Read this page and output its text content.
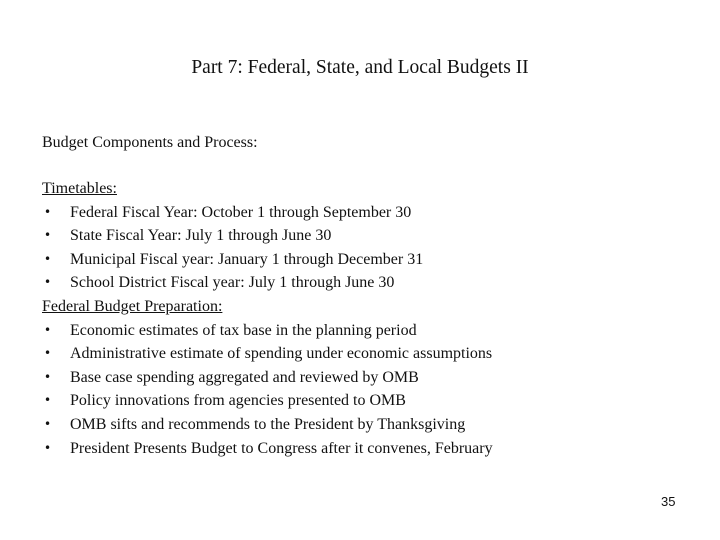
Part 7: Federal, State, and Local Budgets II
Budget Components and Process:
Timetables:
• Federal Fiscal Year: October 1 through September 30
• State Fiscal Year: July 1 through June 30
• Municipal Fiscal year: January 1 through December 31
• School District Fiscal year: July 1 through June 30
Federal Budget Preparation:
• Economic estimates of tax base in the planning period
• Administrative estimate of spending under economic assumptions
• Base case spending aggregated and reviewed by OMB
• Policy innovations from agencies presented to OMB
• OMB sifts and recommends to the President by Thanksgiving
• President Presents Budget to Congress after it convenes, February
35
